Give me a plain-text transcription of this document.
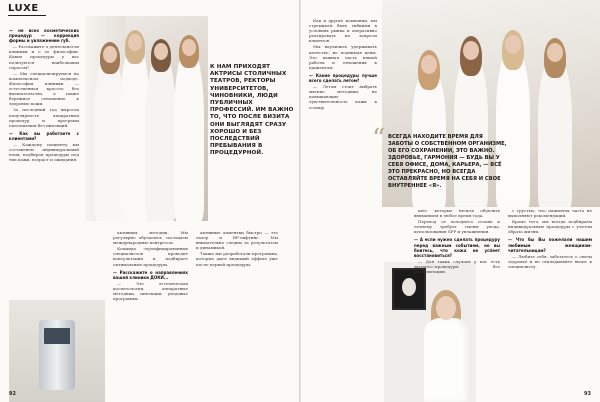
LUXE

— не всех косметических процедур — коррекция формы и увлажнение губ.

— Расскажите о деятельности клиники и о ее философии. Какие процедуры у вас пользуются наибольшим спросом?

— Мы специализируемся на комплексном подходе. Философия клиники — естественная красота без вмешательства, а также бережное отношение к здоровью кожи.

За последний год выросла популярность аппаратных процедур и программ омоложения без инъекций.

— Как вы работаете с клиентами?

— Каждому пациенту мы составляем индивидуальный план, подбирая процедуры под тип кожи, возраст и ожидания.

К НАМ ПРИХОДЯТ АКТРИСЫ СТОЛИЧНЫХ ТЕАТРОВ, РЕКТОРЫ УНИВЕРСИТЕТОВ, ЧИНОВНИКИ, ЛЮДИ ПУБЛИЧНЫХ ПРОФЕССИЙ. ИМ ВАЖНО ТО, ЧТО ПОСЛЕ ВИЗИТА ОНИ ВЫГЛЯДЯТ СРАЗУ ХОРОШО И БЕЗ ПОСЛЕДСТВИЙ ПРЕБЫВАНИЯ В ПРОЦЕДУРНОЙ.

активных методик. Мы регулярно обучаемся, посещаем международные конгрессы.

Команда сертифицированных специалистов проводит консультации и подбирает оптимальные процедуры.

— Расскажите о направлениях вашей клиники ДОКИ...

— Это эстетическая косметология, аппаратные методики, инъекции, уходовые программы.

активные клиентки быстро — это лазер и RF-лифтинг. Мы внимательно следим за результатом и динамикой.

Также мы разработали программы, которые дают видимый эффект уже после первой процедуры.

92	93

Как и другие компании, мы стремимся быть гибкими в условиях рынка и оперативно реагировать на запросы клиентов.

Мы научились удерживать качество, не поднимая цены. Это важная часть нашей работы и отношения к пациентам.

— Какие процедуры лучше всего сделать летом?

— Летом стоит выбрать мягкие методики, не повышающие чувствительность кожи к солнцу.

“ ВСЕГДА НАХОДИТЕ ВРЕМЯ ДЛЯ ЗАБОТЫ О СОБСТВЕННОМ ОРГАНИЗМЕ, ОБ ЕГО СОХРАНЕНИИ, ЭТО ВАЖНО. ЗДОРОВЬЕ, ГАРМОНИЯ — БУДЬ ВЫ У СЕБЯ ОФИСЕ, ДОМА, КАРЬЕРА, — ВСЁ ЭТО ПРЕКРАСНО, НО ВСЕГДА ОСТАВЛЯЙТЕ ВРЕМЯ НА СЕБЯ И СВОЕ ВНУТРЕННЕЕ «Я».

шее, которые нельзя обделить вниманием в любое время года.

Переход от холодного сезона к летнему требует смены ухода, использования SPF и увлажнения.

— А если нужно сделать процедуру перед важным событием, но вы боитесь, что кожа не успеет восстановиться?

— Для таких случаев у нас есть экспресс-процедуры без реабилитации.

с грустью, что пациенты часто не выполняют рекомендации.

Кроме того, мы всегда подбираем индивидуальные процедуры с учетом образа жизни.

— Что бы Вы пожелали нашим любимым женщинам-читательницам?

— Любите себя, заботьтесь о своем здоровье и не откладывайте визит к специалисту.
